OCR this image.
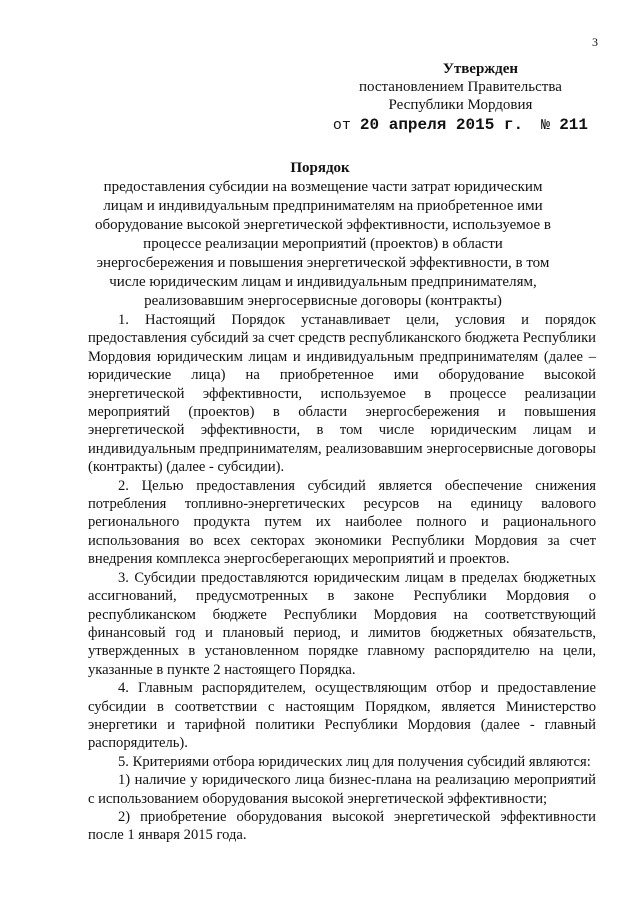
3
Утвержден
постановлением Правительства
Республики Мордовия
от 20 апреля 2015 г. № 211
Порядок
предоставления субсидии на возмещение части затрат юридическим лицам и индивидуальным предпринимателям на приобретенное ими оборудование высокой энергетической эффективности, используемое в процессе реализации мероприятий (проектов) в области энергосбережения и повышения энергетической эффективности, в том числе юридическим лицам и индивидуальным предпринимателям, реализовавшим энергосервисные договоры (контракты)

1. Настоящий Порядок устанавливает цели, условия и порядок предоставления субсидий за счет средств республиканского бюджета Республики Мордовия юридическим лицам и индивидуальным предпринимателям (далее – юридические лица) на приобретенное ими оборудование высокой энергетической эффективности, используемое в процессе реализации мероприятий (проектов) в области энергосбережения и повышения энергетической эффективности, в том числе юридическим лицам и индивидуальным предпринимателям, реализовавшим энергосервисные договоры (контракты) (далее - субсидии).

2. Целью предоставления субсидий является обеспечение снижения потребления топливно-энергетических ресурсов на единицу валового регионального продукта путем их наиболее полного и рационального использования во всех секторах экономики Республики Мордовия за счет внедрения комплекса энергосберегающих мероприятий и проектов.

3. Субсидии предоставляются юридическим лицам в пределах бюджетных ассигнований, предусмотренных в законе Республики Мордовия о республиканском бюджете Республики Мордовия на соответствующий финансовый год и плановый период, и лимитов бюджетных обязательств, утвержденных в установленном порядке главному распорядителю на цели, указанные в пункте 2 настоящего Порядка.

4. Главным распорядителем, осуществляющим отбор и предоставление субсидии в соответствии с настоящим Порядком, является Министерство энергетики и тарифной политики Республики Мордовия (далее - главный распорядитель).

5. Критериями отбора юридических лиц для получения субсидий являются:

1) наличие у юридического лица бизнес-плана на реализацию мероприятий с использованием оборудования высокой энергетической эффективности;

2) приобретение оборудования высокой энергетической эффективности после 1 января 2015 года.
